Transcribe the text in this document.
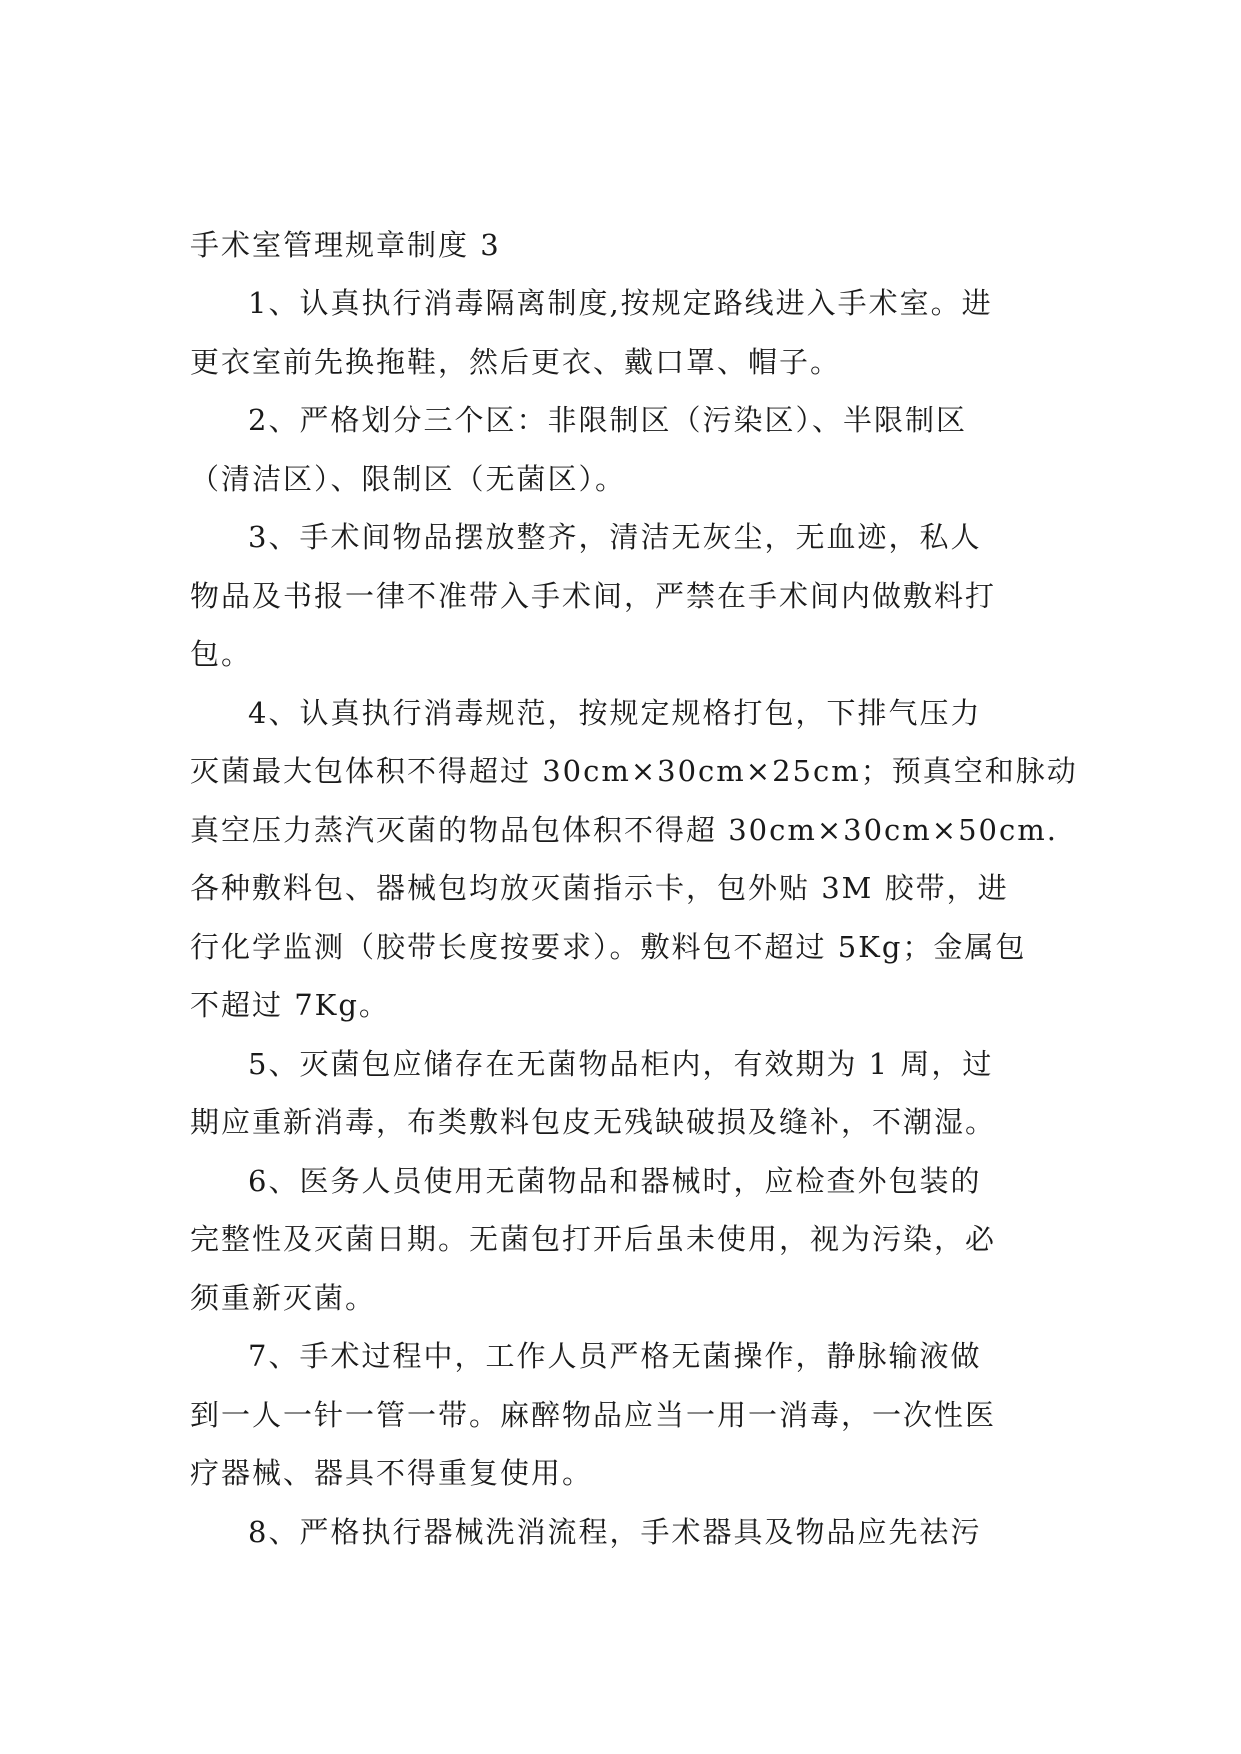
手术室管理规章制度 3
1、认真执行消毒隔离制度,按规定路线进入手术室。进
更衣室前先换拖鞋，然后更衣、戴口罩、帽子。
2、严格划分三个区：非限制区（污染区）、半限制区
（清洁区）、限制区（无菌区）。
3、手术间物品摆放整齐，清洁无灰尘，无血迹，私人
物品及书报一律不准带入手术间，严禁在手术间内做敷料打
包。
4、认真执行消毒规范，按规定规格打包，下排气压力
灭菌最大包体积不得超过 30cm×30cm×25cm；预真空和脉动
真空压力蒸汽灭菌的物品包体积不得超 30cm×30cm×50cm.
各种敷料包、器械包均放灭菌指示卡，包外贴 3M 胶带，进
行化学监测（胶带长度按要求）。敷料包不超过 5Kg；金属包
不超过 7Kg。
5、灭菌包应储存在无菌物品柜内，有效期为 1 周，过
期应重新消毒，布类敷料包皮无残缺破损及缝补，不潮湿。
6、医务人员使用无菌物品和器械时，应检查外包装的
完整性及灭菌日期。无菌包打开后虽未使用，视为污染，必
须重新灭菌。
7、手术过程中，工作人员严格无菌操作，静脉输液做
到一人一针一管一带。麻醉物品应当一用一消毒，一次性医
疗器械、器具不得重复使用。
8、严格执行器械洗消流程，手术器具及物品应先祛污
